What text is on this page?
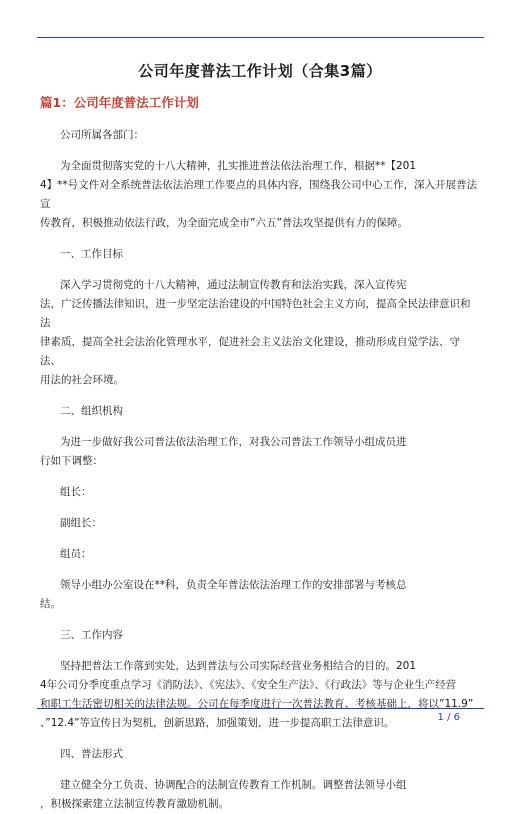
公司年度普法工作计划（合集3篇）
篇1：公司年度普法工作计划

公司所属各部门：

为全面贯彻落实党的十八大精神，扎实推进普法依法治理工作，根据**【201

4】**号文件对全系统普法依法治理工作要点的具体内容，围绕我公司中心工作，深入开展普法宣

传教育，积极推动依法行政，为全面完成全市”六五”普法攻坚提供有力的保障。

一、工作目标

深入学习贯彻党的十八大精神，通过法制宣传教育和法治实践，深入宣传宪

法，广泛传播法律知识，进一步坚定法治建设的中国特色社会主义方向，提高全民法律意识和法

律素质，提高全社会法治化管理水平，促进社会主义法治文化建设，推动形成自觉学法、守法、

用法的社会环境。

二、组织机构

为进一步做好我公司普法依法治理工作，对我公司普法工作领导小组成员进

行如下调整：

组长：

副组长：

组员：

领导小组办公室设在**科，负责全年普法依法治理工作的安排部署与考核总

结。

三、工作内容

坚持把普法工作落到实处，达到普法与公司实际经营业务相结合的目的。201

4年公司分季度重点学习《消防法》、《宪法》、《安全生产法》、《行政法》等与企业生产经营

和职工生活密切相关的法律法规。公司在每季度进行一次普法教育、考核基础上，将以”11.9”

、”12.4”等宣传日为契机，创新思路，加强策划，进一步提高职工法律意识。

四、普法形式

建立健全分工负责、协调配合的法制宣传教育工作机制。调整普法领导小组

，积极探索建立法制宣传教育激励机制。

1 / 6
